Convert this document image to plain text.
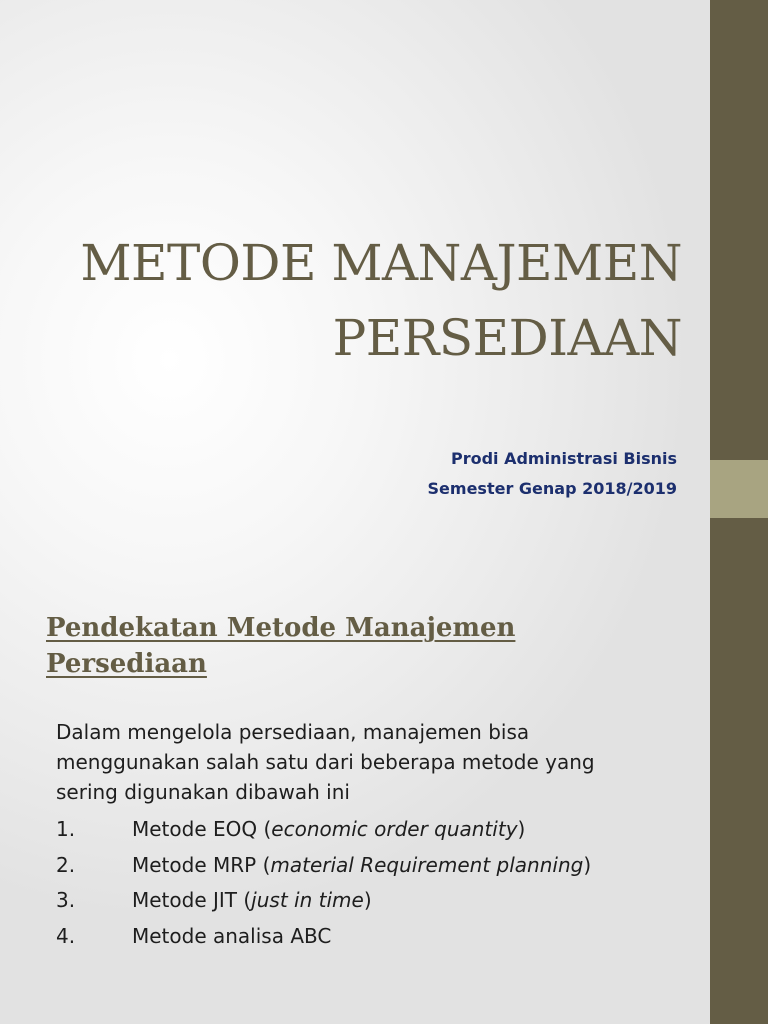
METODE MANAJEMEN
PERSEDIAAN
Prodi Administrasi Bisnis
Semester Genap 2018/2019
Pendekatan Metode Manajemen
Persediaan
Dalam mengelola persediaan, manajemen bisa
menggunakan salah satu dari beberapa metode yang
sering digunakan dibawah ini
1.	Metode EOQ (economic order quantity)
2.	Metode MRP (material Requirement planning)
3.	Metode JIT (just in time)
4.	Metode analisa ABC
